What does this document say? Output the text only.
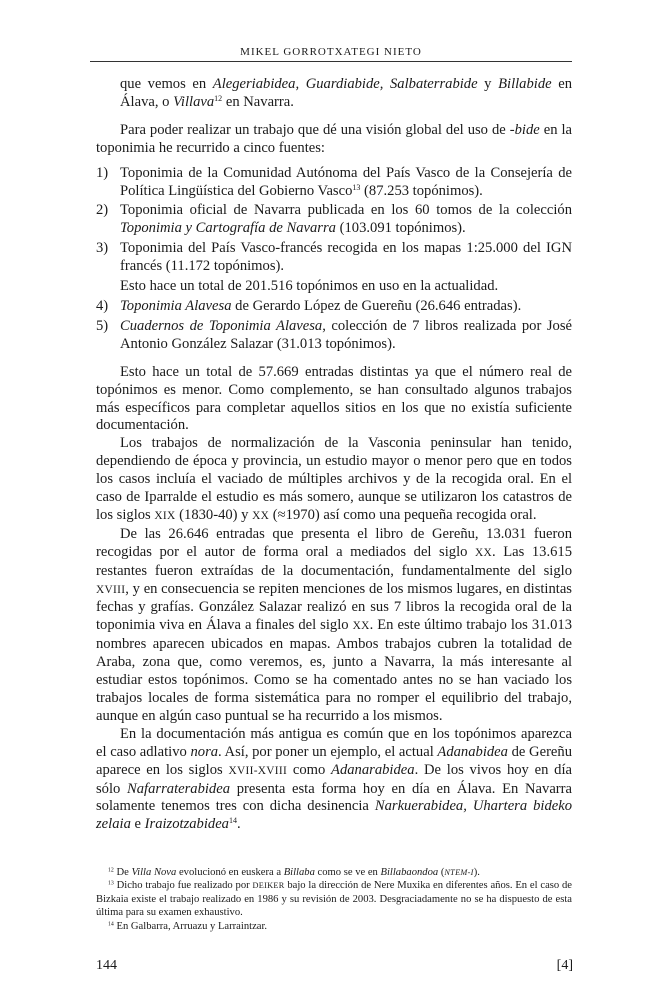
MIKEL GORROTXATEGI NIETO

que vemos en Alegeriabidea, Guardiabide, Salbaterrabide y Billabide en Álava, o Villava$^{12}$ en Navarra.

Para poder realizar un trabajo que dé una visión global del uso de -bide en la toponimia he recurrido a cinco fuentes:

1) Toponimia de la Comunidad Autónoma del País Vasco de la Consejería de Política Lingüística del Gobierno Vasco$^{13}$ (87.253 topónimos).
2) Toponimia oficial de Navarra publicada en los 60 tomos de la colección Toponimia y Cartografía de Navarra (103.091 topónimos).
3) Toponimia del País Vasco-francés recogida en los mapas 1:25.000 del IGN francés (11.172 topónimos).

Esto hace un total de 201.516 topónimos en uso en la actualidad.

4) Toponimia Alavesa de Gerardo López de Guereñu (26.646 entradas).
5) Cuadernos de Toponimia Alavesa, colección de 7 libros realizada por José Antonio González Salazar (31.013 topónimos).

Esto hace un total de 57.669 entradas distintas ya que el número real de topónimos es menor. Como complemento, se han consultado algunos trabajos más específicos para completar aquellos sitios en los que no existía suficiente documentación.

Los trabajos de normalización de la Vasconia peninsular han tenido, dependiendo de época y provincia, un estudio mayor o menor pero que en todos los casos incluía el vaciado de múltiples archivos y de la recogida oral. En el caso de Iparralde el estudio es más somero, aunque se utilizaron los catastros de los siglos XIX (1830-40) y XX (≈1970) así como una pequeña recogida oral.

De las 26.646 entradas que presenta el libro de Gereñu, 13.031 fueron recogidas por el autor de forma oral a mediados del siglo XX. Las 13.615 restantes fueron extraídas de la documentación, fundamentalmente del siglo XVIII, y en consecuencia se repiten menciones de los mismos lugares, en distintas fechas y grafías. González Salazar realizó en sus 7 libros la recogida oral de la toponimia viva en Álava a finales del siglo XX. En este último trabajo los 31.013 nombres aparecen ubicados en mapas. Ambos trabajos cubren la totalidad de Araba, zona que, como veremos, es, junto a Navarra, la más interesante al estudiar estos topónimos. Como se ha comentado antes no se han vaciado los trabajos locales de forma sistemática para no romper el equilibrio del trabajo, aunque en algún caso puntual se ha recurrido a los mismos.

En la documentación más antigua es común que en los topónimos aparezca el caso adlativo nora. Así, por poner un ejemplo, el actual Adanabidea de Gereñu aparece en los siglos XVII-XVIII como Adanarabidea. De los vivos hoy en día sólo Nafarraterabidea presenta esta forma hoy en día en Álava. En Navarra solamente tenemos tres con dicha desinencia Narkuerabidea, Uhartera bideko zelaia e Iraizotzabidea$^{14}$.

$^{12}$ De Villa Nova evolucionó en euskera a Billaba como se ve en Billabaondoa (NTEM-I).

$^{13}$ Dicho trabajo fue realizado por DEIKER bajo la dirección de Nere Muxika en diferentes años. En el caso de Bizkaia existe el trabajo realizado en 1986 y su revisión de 2003. Desgraciadamente no se ha dispuesto de esta última para su examen exhaustivo.

$^{14}$ En Galbarra, Arruazu y Larraintzar.

144	[4]
